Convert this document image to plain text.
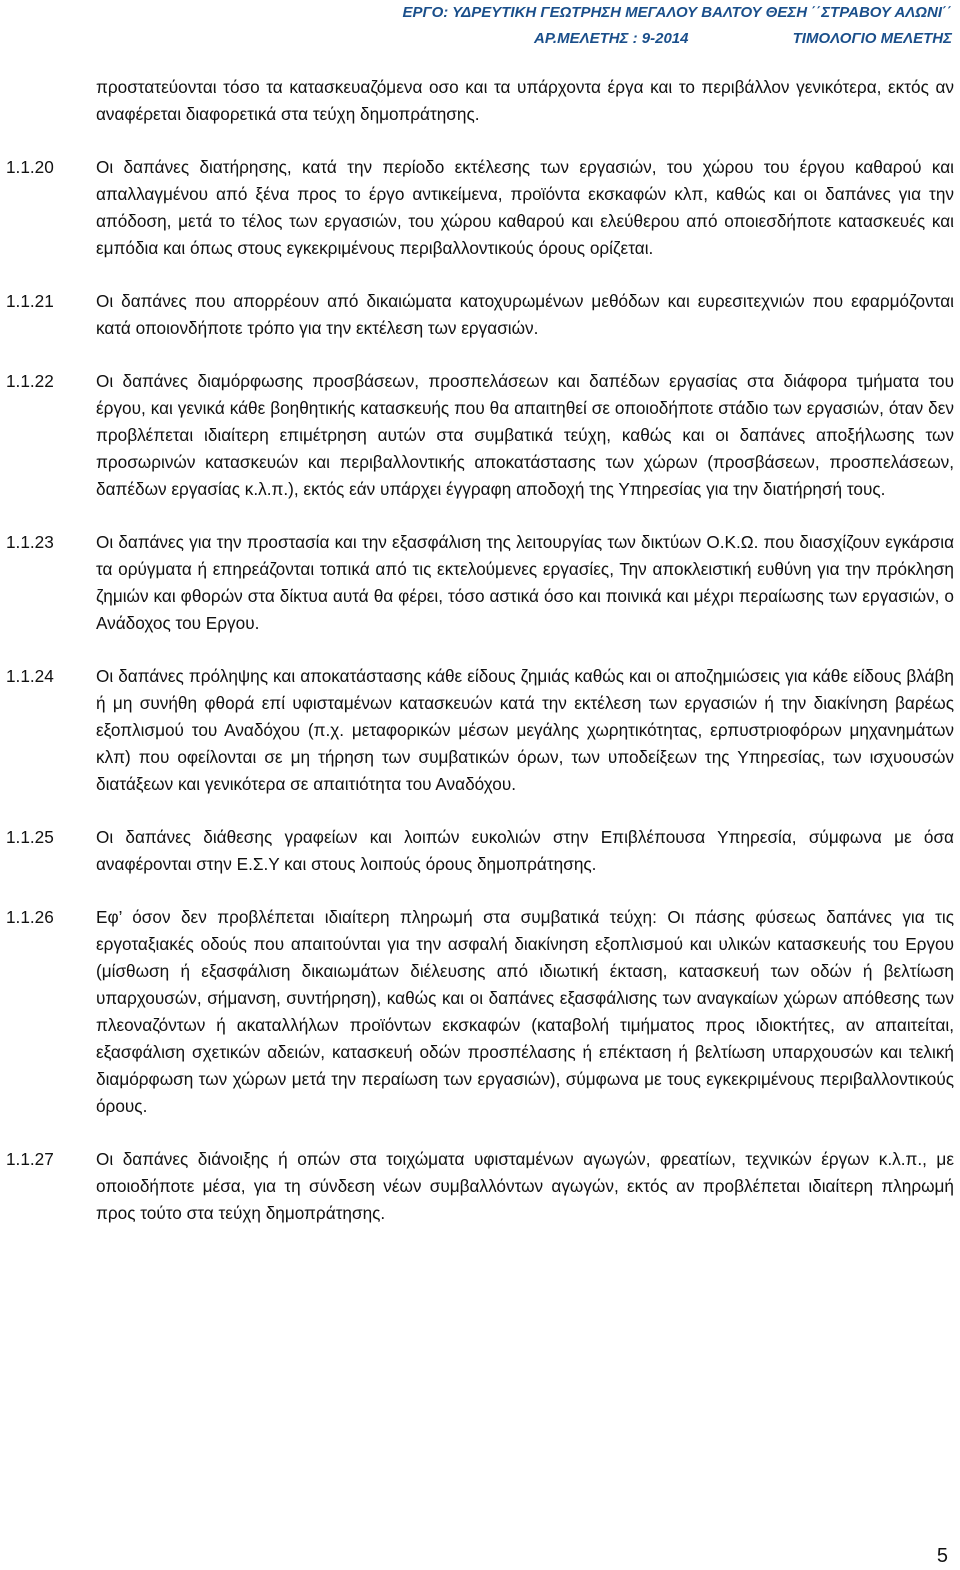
ΕΡΓΟ: ΥΔΡΕΥΤΙΚΗ ΓΕΩΤΡΗΣΗ ΜΕΓΑΛΟΥ ΒΑΛΤΟΥ ΘΕΣΗ ΄΄ΣΤΡΑΒΟΥ ΑΛΩΝΙ΄΄
ΑΡ.ΜΕΛΕΤΗΣ : 9-2014	ΤΙΜΟΛΟΓΙΟ ΜΕΛΕΤΗΣ
προστατεύονται τόσο τα κατασκευαζόμενα οσο και τα υπάρχοντα έργα και το περιβάλλον γενικότερα, εκτός αν αναφέρεται διαφορετικά στα τεύχη δημοπράτησης.
1.1.20	Οι δαπάνες διατήρησης, κατά την περίοδο εκτέλεσης των εργασιών, του χώρου του έργου καθαρού και απαλλαγμένου από ξένα προς το έργο αντικείμενα, προϊόντα εκσκαφών κλπ, καθώς και οι δαπάνες για την απόδοση, μετά το τέλος των εργασιών, του χώρου καθαρού και ελεύθερου από οποιεσδήποτε κατασκευές και εμπόδια και όπως στους εγκεκριμένους περιβαλλοντικούς όρους ορίζεται.
1.1.21	Οι δαπάνες που απορρέουν από δικαιώματα κατοχυρωμένων μεθόδων και ευρεσιτεχνιών που εφαρμόζονται κατά οποιονδήποτε τρόπο για την εκτέλεση των εργασιών.
1.1.22	Οι δαπάνες διαμόρφωσης προσβάσεων, προσπελάσεων και δαπέδων εργασίας στα διάφορα τμήματα του έργου, και γενικά κάθε βοηθητικής κατασκευής που θα απαιτηθεί σε οποιοδήποτε στάδιο των εργασιών, όταν δεν προβλέπεται ιδιαίτερη επιμέτρηση αυτών στα συμβατικά τεύχη, καθώς και οι δαπάνες αποξήλωσης των προσωρινών κατασκευών και περιβαλλοντικής αποκατάστασης των χώρων (προσβάσεων, προσπελάσεων, δαπέδων εργασίας κ.λ.π.), εκτός εάν υπάρχει έγγραφη αποδοχή της Υπηρεσίας για την διατήρησή τους.
1.1.23	Οι δαπάνες για την προστασία και την εξασφάλιση της λειτουργίας των δικτύων Ο.Κ.Ω. που διασχίζουν εγκάρσια τα ορύγματα ή επηρεάζονται τοπικά από τις εκτελούμενες εργασίες, Την αποκλειστική ευθύνη για την πρόκληση ζημιών και φθορών στα δίκτυα αυτά θα φέρει, τόσο αστικά όσο και ποινικά και μέχρι περαίωσης των εργασιών, ο Ανάδοχος του Εργου.
1.1.24	Οι δαπάνες πρόληψης και αποκατάστασης κάθε είδους ζημιάς καθώς και οι αποζημιώσεις για κάθε είδους βλάβη ή μη συνήθη φθορά επί υφισταμένων κατασκευών κατά την εκτέλεση των εργασιών ή την διακίνηση βαρέως εξοπλισμού του Αναδόχου (π.χ. μεταφορικών μέσων μεγάλης χωρητικότητας, ερπυστριοφόρων μηχανημάτων κλπ) που οφείλονται σε μη τήρηση των συμβατικών όρων, των υποδείξεων της Υπηρεσίας, των ισχυουσών διατάξεων και γενικότερα σε απαιτιότητα του Αναδόχου.
1.1.25	Οι δαπάνες διάθεσης γραφείων και λοιπών ευκολιών στην Επιβλέπουσα Υπηρεσία, σύμφωνα με όσα αναφέρονται στην Ε.Σ.Υ και στους λοιπούς όρους δημοπράτησης.
1.1.26	Εφ’ όσον δεν προβλέπεται ιδιαίτερη πληρωμή στα συμβατικά τεύχη: Οι πάσης φύσεως δαπάνες για τις εργοταξιακές οδούς που απαιτούνται για την ασφαλή διακίνηση εξοπλισμού και υλικών κατασκευής του Εργου (μίσθωση ή εξασφάλιση δικαιωμάτων διέλευσης από ιδιωτική έκταση, κατασκευή των οδών ή βελτίωση υπαρχουσών, σήμανση, συντήρηση), καθώς και οι δαπάνες εξασφάλισης των αναγκαίων χώρων απόθεσης των πλεοναζόντων ή ακαταλλήλων προϊόντων εκσκαφών (καταβολή τιμήματος προς ιδιοκτήτες, αν απαιτείται, εξασφάλιση σχετικών αδειών, κατασκευή οδών προσπέλασης ή επέκταση ή βελτίωση υπαρχουσών και τελική διαμόρφωση των χώρων μετά την περαίωση των εργασιών), σύμφωνα με τους εγκεκριμένους περιβαλλοντικούς όρους.
1.1.27	Οι δαπάνες διάνοιξης ή οπών στα τοιχώματα υφισταμένων αγωγών, φρεατίων, τεχνικών έργων κ.λ.π., με οποιοδήποτε μέσα, για τη σύνδεση νέων συμβαλλόντων αγωγών, εκτός αν προβλέπεται ιδιαίτερη πληρωμή προς τούτο στα τεύχη δημοπράτησης.
5
